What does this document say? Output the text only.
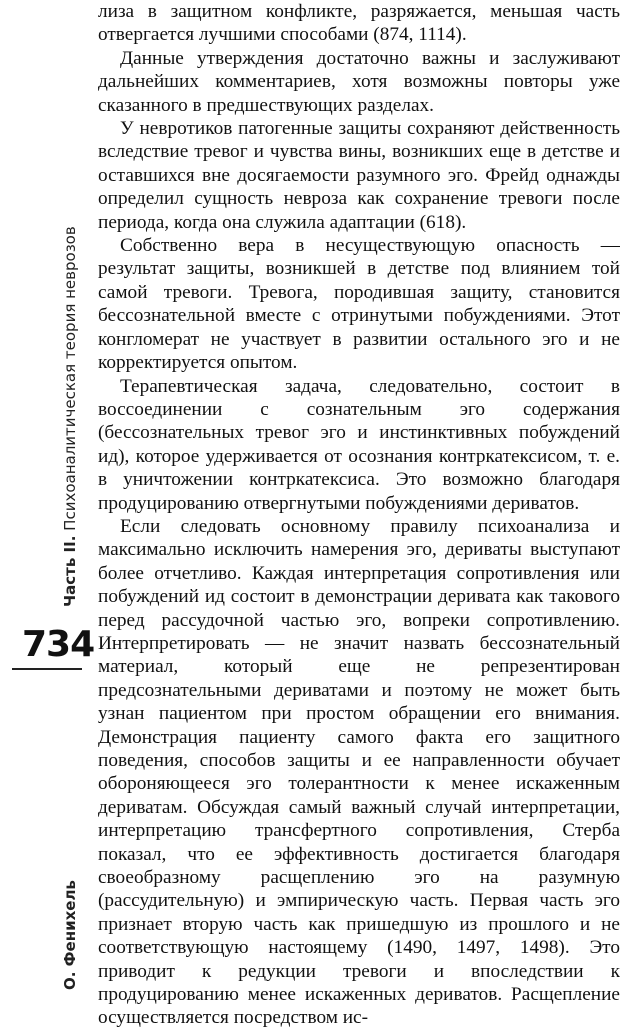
Часть II. Психоаналитическая теория неврозов
О. Фенихель
734

лиза в защитном конфликте, разряжается, меньшая часть отвергается лучшими способами (874, 1114).

Данные утверждения достаточно важны и заслуживают дальнейших комментариев, хотя возможны повторы уже сказанного в предшествующих разделах.

У невротиков патогенные защиты сохраняют действенность вследствие тревог и чувства вины, возникших еще в детстве и оставшихся вне досягаемости разумного эго. Фрейд однажды определил сущность невроза как сохранение тревоги после периода, когда она служила адаптации (618).

Собственно вера в несуществующую опасность — результат защиты, возникшей в детстве под влиянием той самой тревоги. Тревога, породившая защиту, становится бессознательной вместе с отринутыми побуждениями. Этот конгломерат не участвует в развитии остального эго и не корректируется опытом.

Терапевтическая задача, следовательно, состоит в воссоединении с сознательным эго содержания (бессознательных тревог эго и инстинктивных побуждений ид), которое удерживается от осознания контркатексисом, т. е. в уничтожении контркатексиса. Это возможно благодаря продуцированию отвергнутыми побуждениями дериватов.

Если следовать основному правилу психоанализа и максимально исключить намерения эго, дериваты выступают более отчетливо. Каждая интерпретация сопротивления или побуждений ид состоит в демонстрации деривата как такового перед рассудочной частью эго, вопреки сопротивлению. Интерпретировать — не значит назвать бессознательный материал, который еще не репрезентирован предсознательными дериватами и поэтому не может быть узнан пациентом при простом обращении его внимания. Демонстрация пациенту самого факта его защитного поведения, способов защиты и ее направленности обучает обороняющееся эго толерантности к менее искаженным дериватам. Обсуждая самый важный случай интерпретации, интерпретацию трансфертного сопротивления, Стерба показал, что ее эффективность достигается благодаря своеобразному расщеплению эго на разумную (рассудительную) и эмпирическую часть. Первая часть эго признает вторую часть как пришедшую из прошлого и не соответствующую настоящему (1490, 1497, 1498). Это приводит к редукции тревоги и впоследствии к продуцированию менее искаженных дериватов. Расщепление осуществляется посредством ис-
